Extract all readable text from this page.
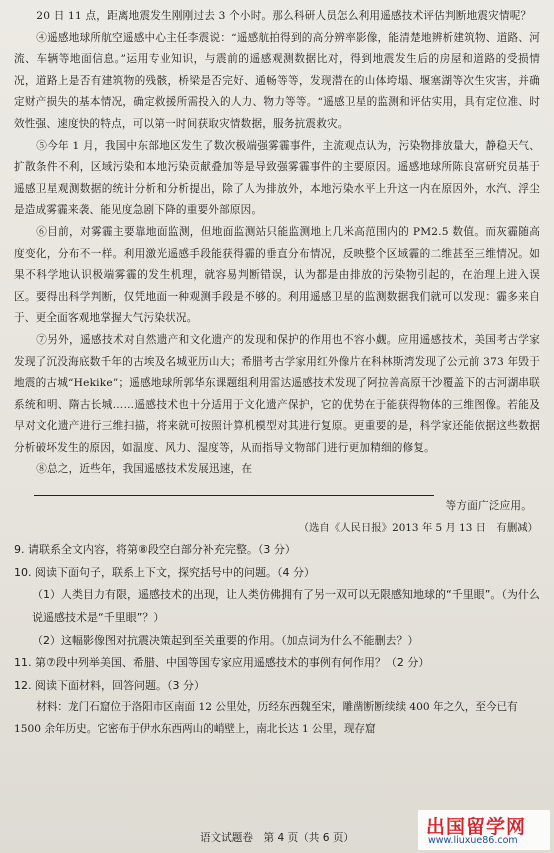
20 日 11 点，距离地震发生刚刚过去 3 个小时。那么科研人员怎么利用遥感技术评估判断地震灾情呢？

④遥感地球所航空遥感中心主任李震说：“遥感航拍得到的高分辨率影像，能清楚地辨析建筑物、道路、河流、车辆等地面信息。”运用专业知识，与震前的遥感观测数据比对，得到地震发生后的房屋和道路的受损情况，道路上是否有建筑物的残骸，桥梁是否完好、通畅等等，发现潜在的山体垮塌、堰塞湖等次生灾害，并确定财产损失的基本情况，确定救援所需投入的人力、物力等等。“遥感卫星的监测和评估实用，具有定位准、时效性强、速度快的特点，可以第一时间获取灾情数据，服务抗震救灾。

⑤今年 1 月，我国中东部地区发生了数次极端强雾霾事件，主流观点认为，污染物排放量大，静稳天气、扩散条件不利，区域污染和本地污染贡献叠加等是导致强雾霾事件的主要原因。遥感地球所陈良富研究员基于遥感卫星观测数据的统计分析和分析提出，除了人为排放外，本地污染水平上升这一内在原因外，水汽、浮尘是造成雾霾来袭、能见度急剧下降的重要外部原因。

⑥目前，对雾霾主要靠地面监测，但地面监测站只能监测地上几米高范围内的 PM2.5 数值。而灰霾随高度变化，分布不一样。利用激光遥感手段能获得霾的垂直分布情况，反映整个区域霾的二维甚至三维情况。如果不科学地认识极端雾霾的发生机理，就容易判断错误，认为都是由排放的污染物引起的，在治理上进入误区。要得出科学判断，仅凭地面一种观测手段是不够的。利用遥感卫星的监测数据我们就可以发现：霾多来自于、更全面客观地掌握大气污染状况。

⑦另外，遥感技术对自然遗产和文化遗产的发现和保护的作用也不容小觑。应用遥感技术，美国考古学家发现了沉没海底数千年的古埃及名城亚历山大；希腊考古学家用红外像片在科林斯湾发现了公元前 373 年毁于地震的古城“Hekike”；遥感地球所郭华东课题组利用雷达遥感技术发现了阿拉善高原干沙覆盖下的古河湖串联系统和明、隋古长城……遥感技术也十分适用于文化遗产保护，它的优势在于能获得物体的三维图像。若能及早对文化遗产进行三维扫描，将来就可按照计算机模型对其进行复原。更重要的是，科学家还能依据这些数据分析破坏发生的原因，如温度、风力、湿度等，从而指导文物部门进行更加精细的修复。

⑧总之，近些年，我国遥感技术发展迅速，在
等方面广泛应用。

（选自《人民日报》2013 年 5 月 13 日　有删减）

9. 请联系全文内容，将第⑧段空白部分补充完整。（3 分）

10. 阅读下面句子，联系上下文，探究括号中的问题。（4 分）

（1）人类目力有限，遥感技术的出现，让人类仿佛拥有了另一双可以无限感知地球的“千里眼”。（为什么说遥感技术是“千里眼”？）

（2）这幅影像图对抗震决策起到至关重要的作用。（加点词为什么不能删去？）

11. 第⑦段中列举美国、希腊、中国等国专家应用遥感技术的事例有何作用？（2 分）

12. 阅读下面材料，回答问题。（3 分）

材料：龙门石窟位于洛阳市区南面 12 公里处，历经东西魏至宋，雕凿断断续续 400 年之久，至今已有 1500 余年历史。它密布于伊水东西两山的峭壁上，南北长达 1 公里，现存窟

语文试题卷　第 4 页（共 6 页）	出国留学网
www.liuxue86.com
